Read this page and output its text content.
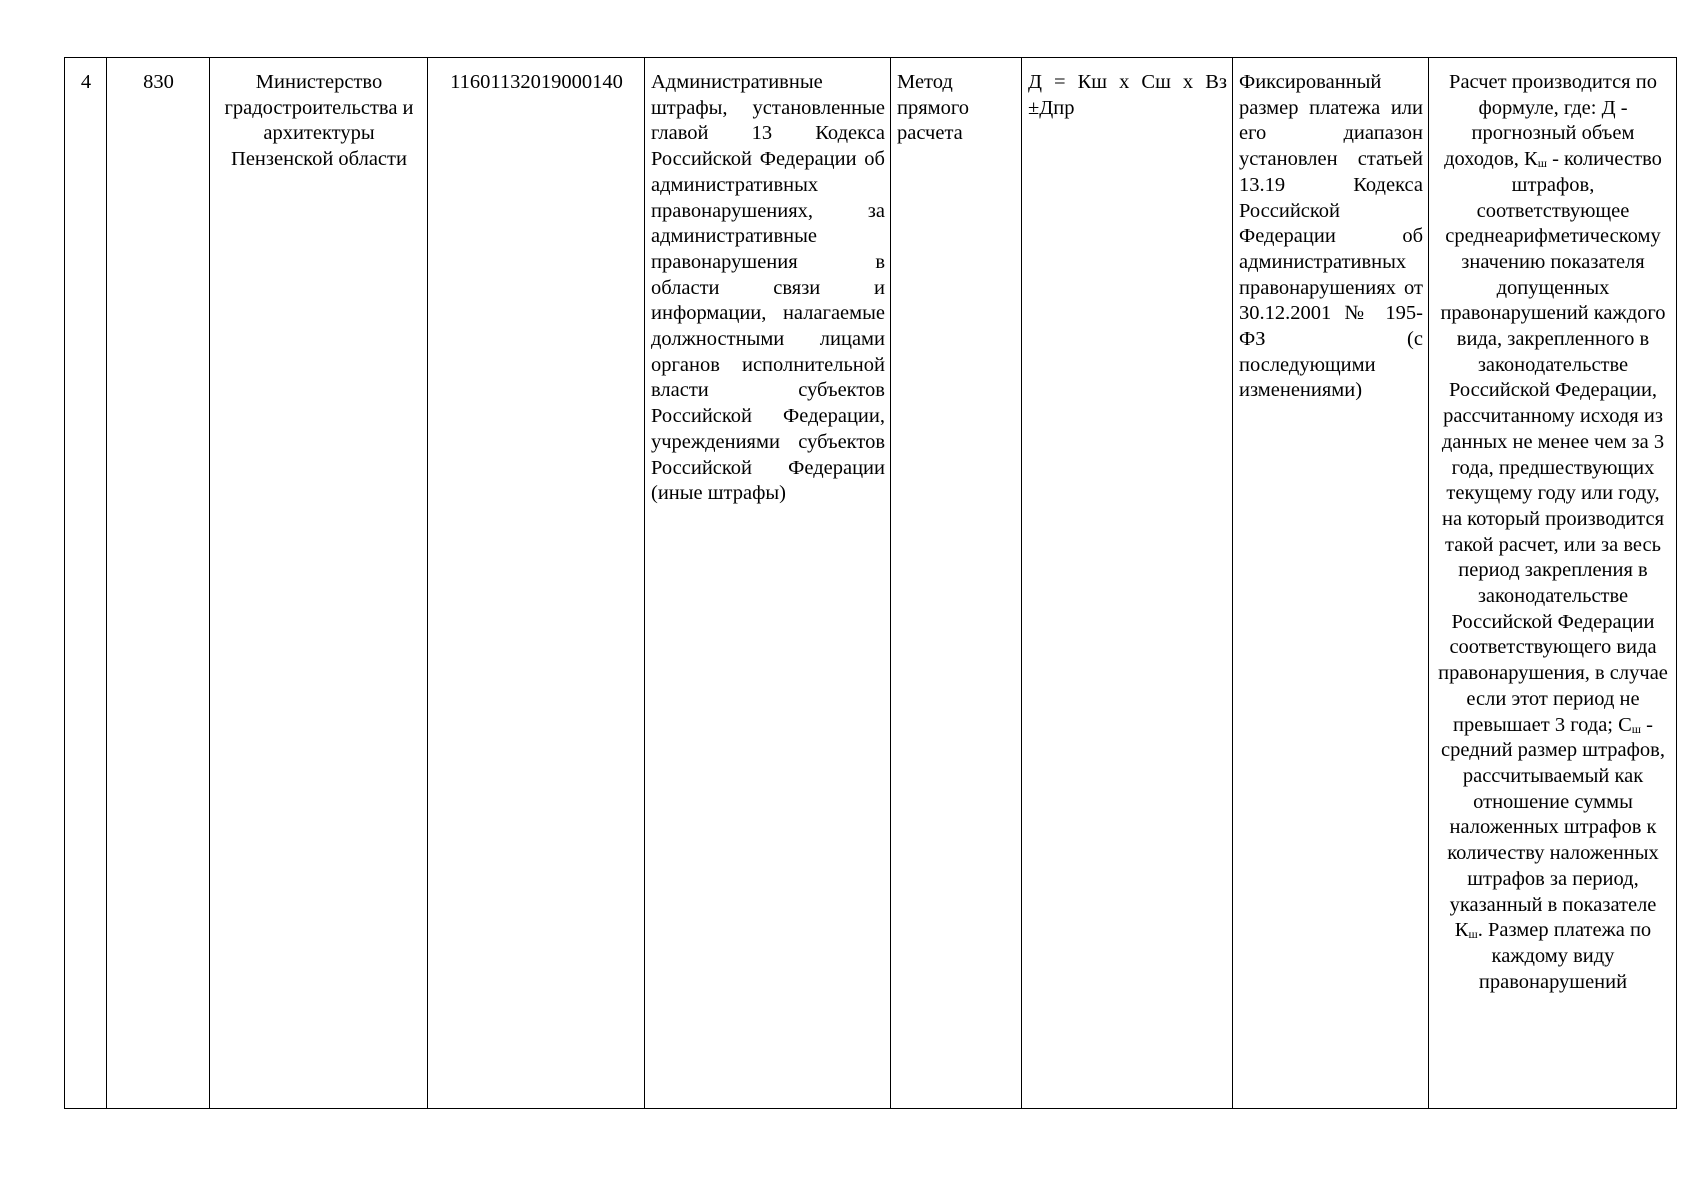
4	830	Министерство градостроительства и архитектуры Пензенской области	11601132019000140	Административные штрафы, установленные главой 13 Кодекса Российской Федерации об административных правонарушениях, за административные правонарушения в области связи и информации, налагаемые должностными лицами органов исполнительной власти субъектов Российской Федерации, учреждениями субъектов Российской Федерации (иные штрафы)	Метод прямого расчета	Д = Кш х Сш х Вз ±Дпр	Фиксированный размер платежа или его диапазон установлен статьей 13.19 Кодекса Российской Федерации об административных правонарушениях от 30.12.2001 № 195-ФЗ (с последующими изменениями)	Расчет производится по формуле, где: Д - прогнозный объем доходов, $К_ш$ - количество штрафов, соответствующее среднеарифметическому значению показателя допущенных правонарушений каждого вида, закрепленного в законодательстве Российской Федерации, рассчитанному исходя из данных не менее чем за 3 года, предшествующих текущему году или году, на который производится такой расчет, или за весь период закрепления в законодательстве Российской Федерации соответствующего вида правонарушения, в случае если этот период не превышает 3 года; $С_ш$ - средний размер штрафов, рассчитываемый как отношение суммы наложенных штрафов к количеству наложенных штрафов за период, указанный в показателе $К_ш$. Размер платежа по каждому виду правонарушений
